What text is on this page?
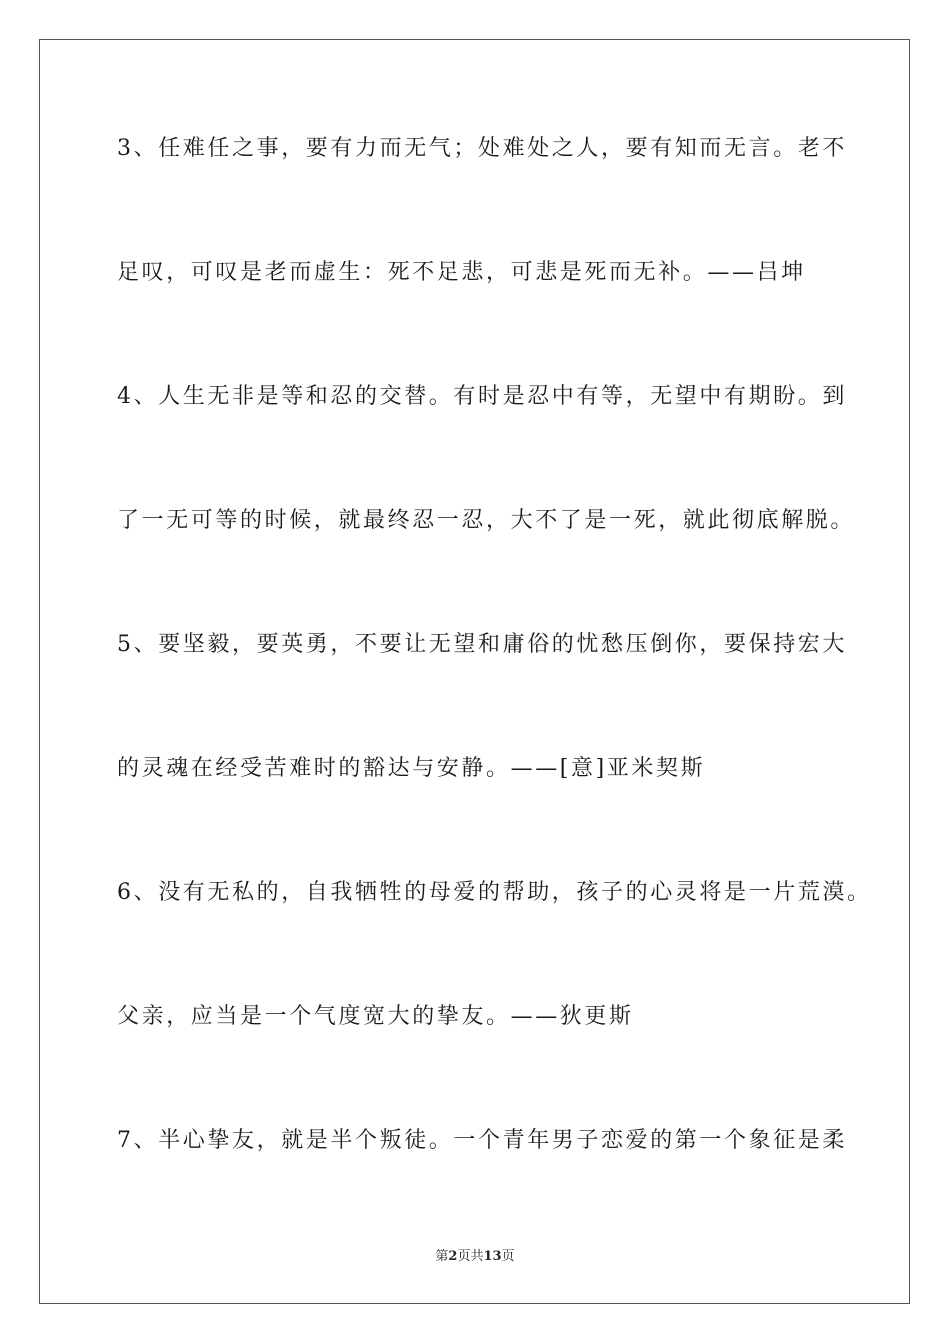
3、任难任之事，要有力而无气；处难处之人，要有知而无言。老不
足叹，可叹是老而虚生：死不足悲，可悲是死而无补。——吕坤
4、人生无非是等和忍的交替。有时是忍中有等，无望中有期盼。到
了一无可等的时候，就最终忍一忍，大不了是一死，就此彻底解脱。
5、要坚毅，要英勇，不要让无望和庸俗的忧愁压倒你，要保持宏大
的灵魂在经受苦难时的豁达与安静。——[意]亚米契斯
6、没有无私的，自我牺牲的母爱的帮助，孩子的心灵将是一片荒漠。
父亲，应当是一个气度宽大的挚友。——狄更斯
7、半心挚友，就是半个叛徒。一个青年男子恋爱的第一个象征是柔
第2页共13页
